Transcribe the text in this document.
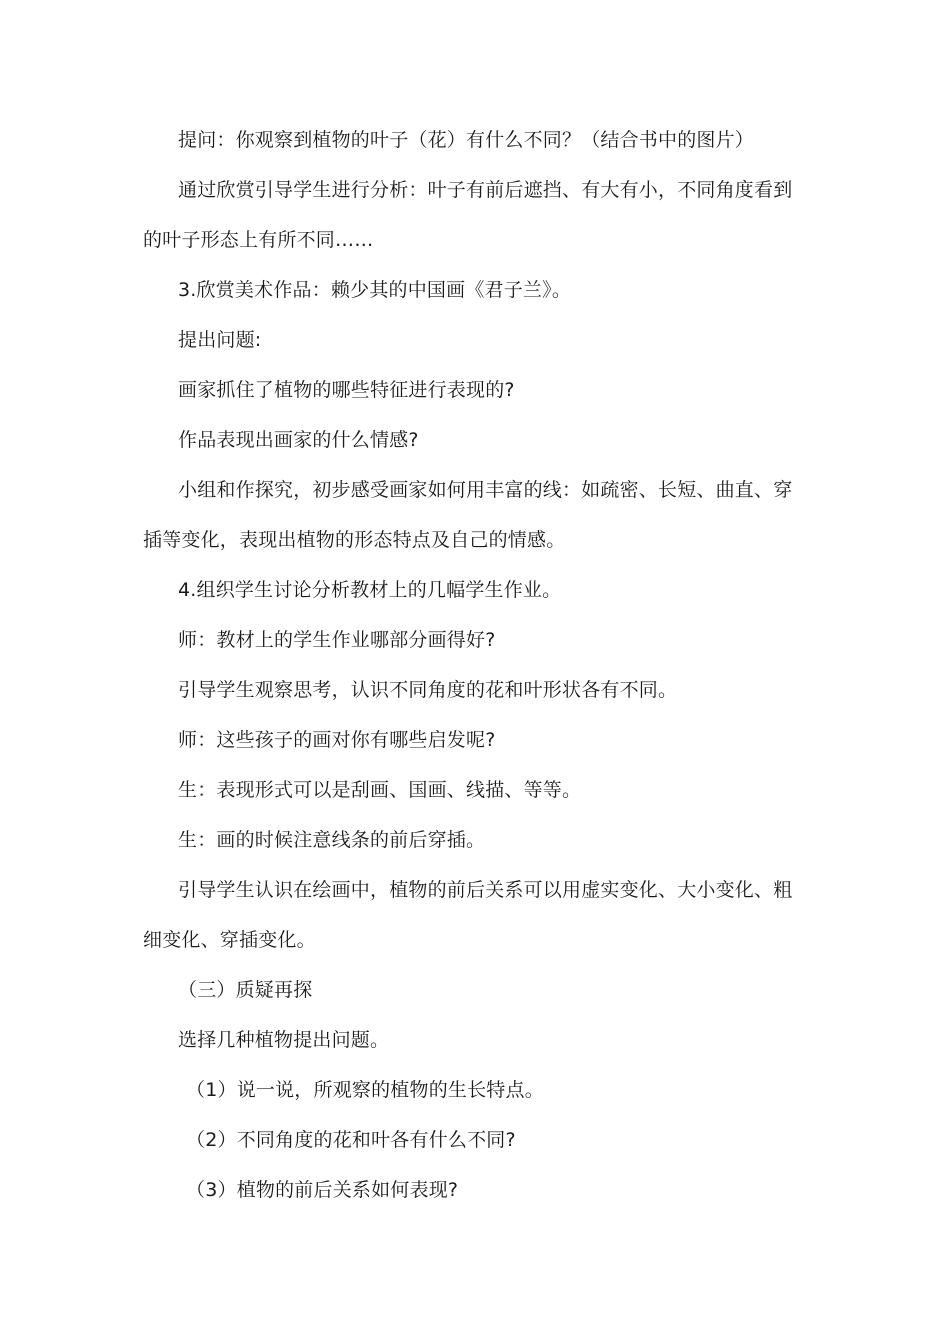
提问：你观察到植物的叶子（花）有什么不同？（结合书中的图片）
通过欣赏引导学生进行分析：叶子有前后遮挡、有大有小，不同角度看到
的叶子形态上有所不同……
3.欣赏美术作品：赖少其的中国画《君子兰》。
提出问题:
画家抓住了植物的哪些特征进行表现的?
作品表现出画家的什么情感?
小组和作探究，初步感受画家如何用丰富的线：如疏密、长短、曲直、穿
插等变化，表现出植物的形态特点及自己的情感。
4.组织学生讨论分析教材上的几幅学生作业。
师：教材上的学生作业哪部分画得好?
引导学生观察思考，认识不同角度的花和叶形状各有不同。
师：这些孩子的画对你有哪些启发呢?
生：表现形式可以是刮画、国画、线描、等等。
生：画的时候注意线条的前后穿插。
引导学生认识在绘画中，植物的前后关系可以用虚实变化、大小变化、粗
细变化、穿插变化。
（三）质疑再探
选择几种植物提出问题。
（1）说一说，所观察的植物的生长特点。
（2）不同角度的花和叶各有什么不同?
（3）植物的前后关系如何表现?
